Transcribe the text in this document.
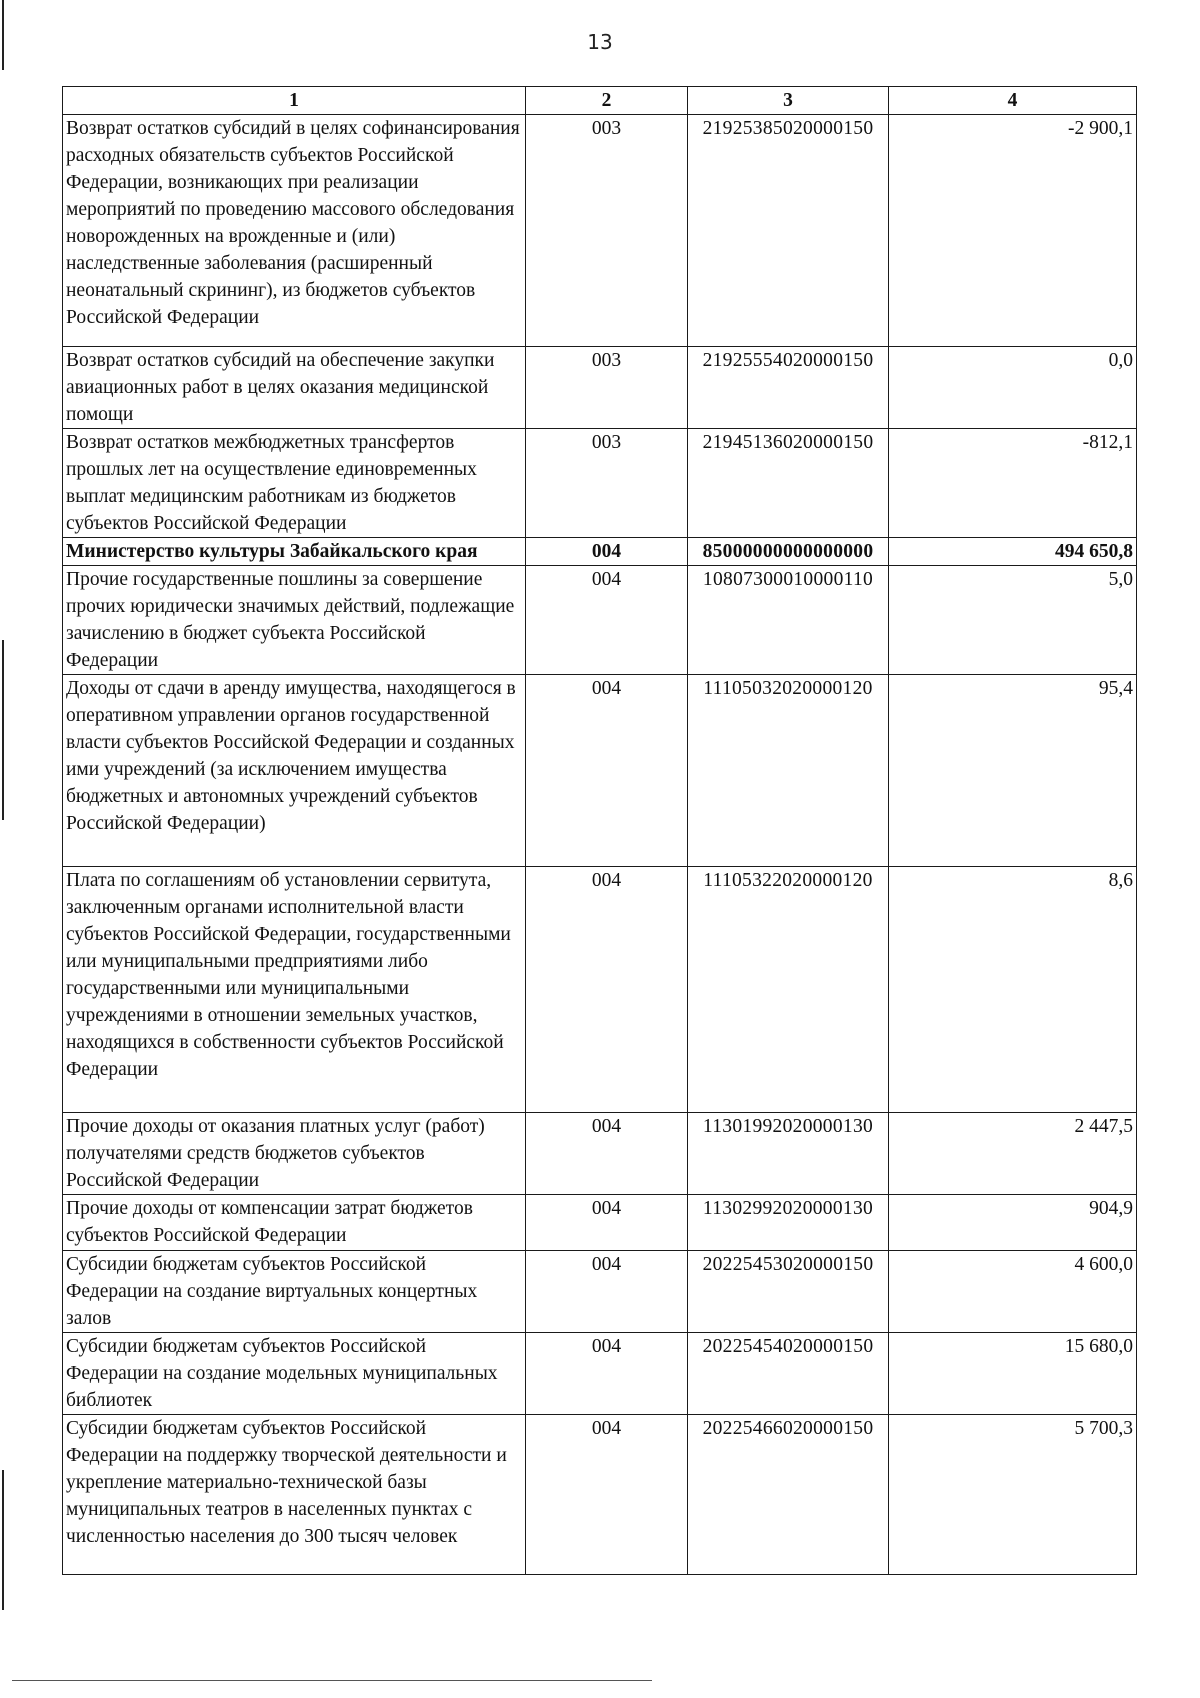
13
1	2	3	4
Возврат остатков субсидий в целях софинансирования расходных обязательств субъектов Российской Федерации, возникающих при реализации мероприятий по проведению массового обследования новорожденных на врожденные и (или) наследственные заболевания (расширенный неонатальный скрининг), из бюджетов субъектов Российской Федерации	003	21925385020000150	-2 900,1
Возврат остатков субсидий на обеспечение закупки авиационных работ в целях оказания медицинской помощи	003	21925554020000150	0,0
Возврат остатков межбюджетных трансфертов прошлых лет на осуществление единовременных выплат медицинским работникам из бюджетов субъектов Российской Федерации	003	21945136020000150	-812,1
Министерство культуры Забайкальского края	004	85000000000000000	494 650,8
Прочие государственные пошлины за совершение прочих юридически значимых действий, подлежащие зачислению в бюджет субъекта Российской Федерации	004	10807300010000110	5,0
Доходы от сдачи в аренду имущества, находящегося в оперативном управлении органов государственной власти субъектов Российской Федерации и созданных ими учреждений (за исключением имущества бюджетных и автономных учреждений субъектов Российской Федерации)	004	11105032020000120	95,4
Плата по соглашениям об установлении сервитута, заключенным органами исполнительной власти субъектов Российской Федерации, государственными или муниципальными предприятиями либо государственными или муниципальными учреждениями в отношении земельных участков, находящихся в собственности субъектов Российской Федерации	004	11105322020000120	8,6
Прочие доходы от оказания платных услуг (работ) получателями средств бюджетов субъектов Российской Федерации	004	11301992020000130	2 447,5
Прочие доходы от компенсации затрат бюджетов субъектов Российской Федерации	004	11302992020000130	904,9
Субсидии бюджетам субъектов Российской Федерации на создание виртуальных концертных залов	004	20225453020000150	4 600,0
Субсидии бюджетам субъектов Российской Федерации на создание модельных муниципальных библиотек	004	20225454020000150	15 680,0
Субсидии бюджетам субъектов Российской Федерации на поддержку творческой деятельности и укрепление материально-технической базы муниципальных театров в населенных пунктах с численностью населения до 300 тысяч человек	004	20225466020000150	5 700,3
